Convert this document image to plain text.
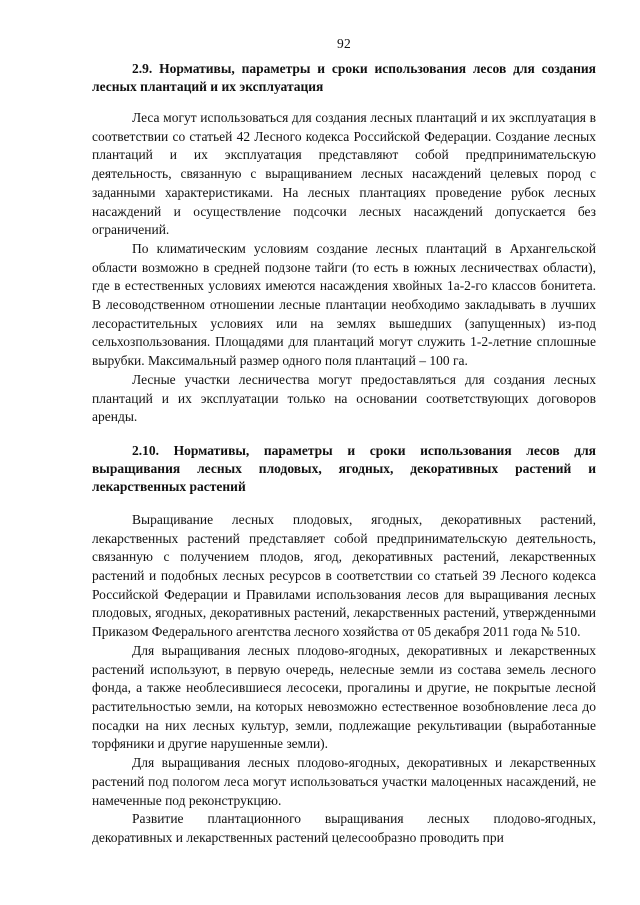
92
2.9. Нормативы, параметры и сроки использования лесов для создания лесных плантаций и их эксплуатация

Леса могут использоваться для создания лесных плантаций и их эксплуатация в соответствии со статьей 42 Лесного кодекса Российской Федерации. Создание лесных плантаций и их эксплуатация представляют собой предпринимательскую деятельность, связанную с выращиванием лесных насаждений целевых пород с заданными характеристиками. На лесных плантациях проведение рубок лесных насаждений и осуществление подсочки лесных насаждений допускается без ограничений.

По климатическим условиям создание лесных плантаций в Архангельской области возможно в средней подзоне тайги (то есть в южных лесничествах области), где в естественных условиях имеются насаждения хвойных 1а-2-го классов бонитета. В лесоводственном отношении лесные плантации необходимо закладывать в лучших лесорастительных условиях или на землях вышедших (запущенных) из-под сельхозпользования. Площадями для плантаций могут служить 1-2-летние сплошные вырубки. Максимальный размер одного поля плантаций – 100 га.

Лесные участки лесничества могут предоставляться для создания лесных плантаций и их эксплуатации только на основании соответствующих договоров аренды.

2.10. Нормативы, параметры и сроки использования лесов для выращивания лесных плодовых, ягодных, декоративных растений и лекарственных растений

Выращивание лесных плодовых, ягодных, декоративных растений, лекарственных растений представляет собой предпринимательскую деятельность, связанную с получением плодов, ягод, декоративных растений, лекарственных растений и подобных лесных ресурсов в соответствии со статьей 39 Лесного кодекса Российской Федерации и Правилами использования лесов для выращивания лесных плодовых, ягодных, декоративных растений, лекарственных растений, утвержденными Приказом Федерального агентства лесного хозяйства от 05 декабря 2011 года № 510.

Для выращивания лесных плодово-ягодных, декоративных и лекарственных растений используют, в первую очередь, нелесные земли из состава земель лесного фонда, а также необлесившиеся лесосеки, прогалины и другие, не покрытые лесной растительностью земли, на которых невозможно естественное возобновление леса до посадки на них лесных культур, земли, подлежащие рекультивации (выработанные торфяники и другие нарушенные земли).

Для выращивания лесных плодово-ягодных, декоративных и лекарственных растений под пологом леса могут использоваться участки малоценных насаждений, не намеченные под реконструкцию.

Развитие плантационного выращивания лесных плодово-ягодных, декоративных и лекарственных растений целесообразно проводить при
